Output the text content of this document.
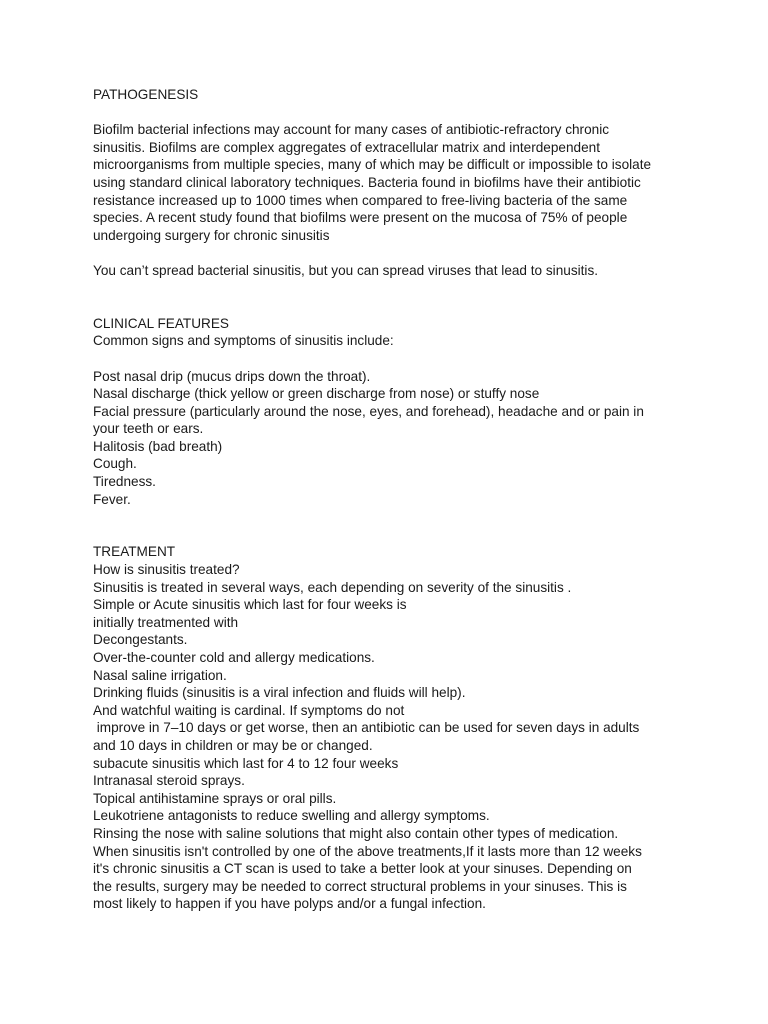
PATHOGENESIS
Biofilm bacterial infections may account for many cases of antibiotic-refractory chronic
sinusitis. Biofilms are complex aggregates of extracellular matrix and interdependent
microorganisms from multiple species, many of which may be difficult or impossible to isolate
using standard clinical laboratory techniques. Bacteria found in biofilms have their antibiotic
resistance increased up to 1000 times when compared to free-living bacteria of the same
species. A recent study found that biofilms were present on the mucosa of 75% of people
undergoing surgery for chronic sinusitis
You can’t spread bacterial sinusitis, but you can spread viruses that lead to sinusitis.
CLINICAL FEATURES
Common signs and symptoms of sinusitis include:
Post nasal drip (mucus drips down the throat).
Nasal discharge (thick yellow or green discharge from nose) or stuffy nose
Facial pressure (particularly around the nose, eyes, and forehead), headache and or pain in
your teeth or ears.
Halitosis (bad breath)
Cough.
Tiredness.
Fever.
TREATMENT
How is sinusitis treated?
Sinusitis is treated in several ways, each depending on severity of the sinusitis .
Simple or Acute sinusitis which last for four weeks is
initially treatmented with
Decongestants.
Over-the-counter cold and allergy medications.
Nasal saline irrigation.
Drinking fluids (sinusitis is a viral infection and fluids will help).
And watchful waiting is cardinal. If symptoms do not
improve in 7–10 days or get worse, then an antibiotic can be used for seven days in adults
and 10 days in children or may be or changed.
subacute sinusitis which last for 4 to 12 four weeks
Intranasal steroid sprays.
Topical antihistamine sprays or oral pills.
Leukotriene antagonists to reduce swelling and allergy symptoms.
Rinsing the nose with saline solutions that might also contain other types of medication.
When sinusitis isn't controlled by one of the above treatments,If it lasts more than 12 weeks
it's chronic sinusitis a CT scan is used to take a better look at your sinuses. Depending on
the results, surgery may be needed to correct structural problems in your sinuses. This is
most likely to happen if you have polyps and/or a fungal infection.
